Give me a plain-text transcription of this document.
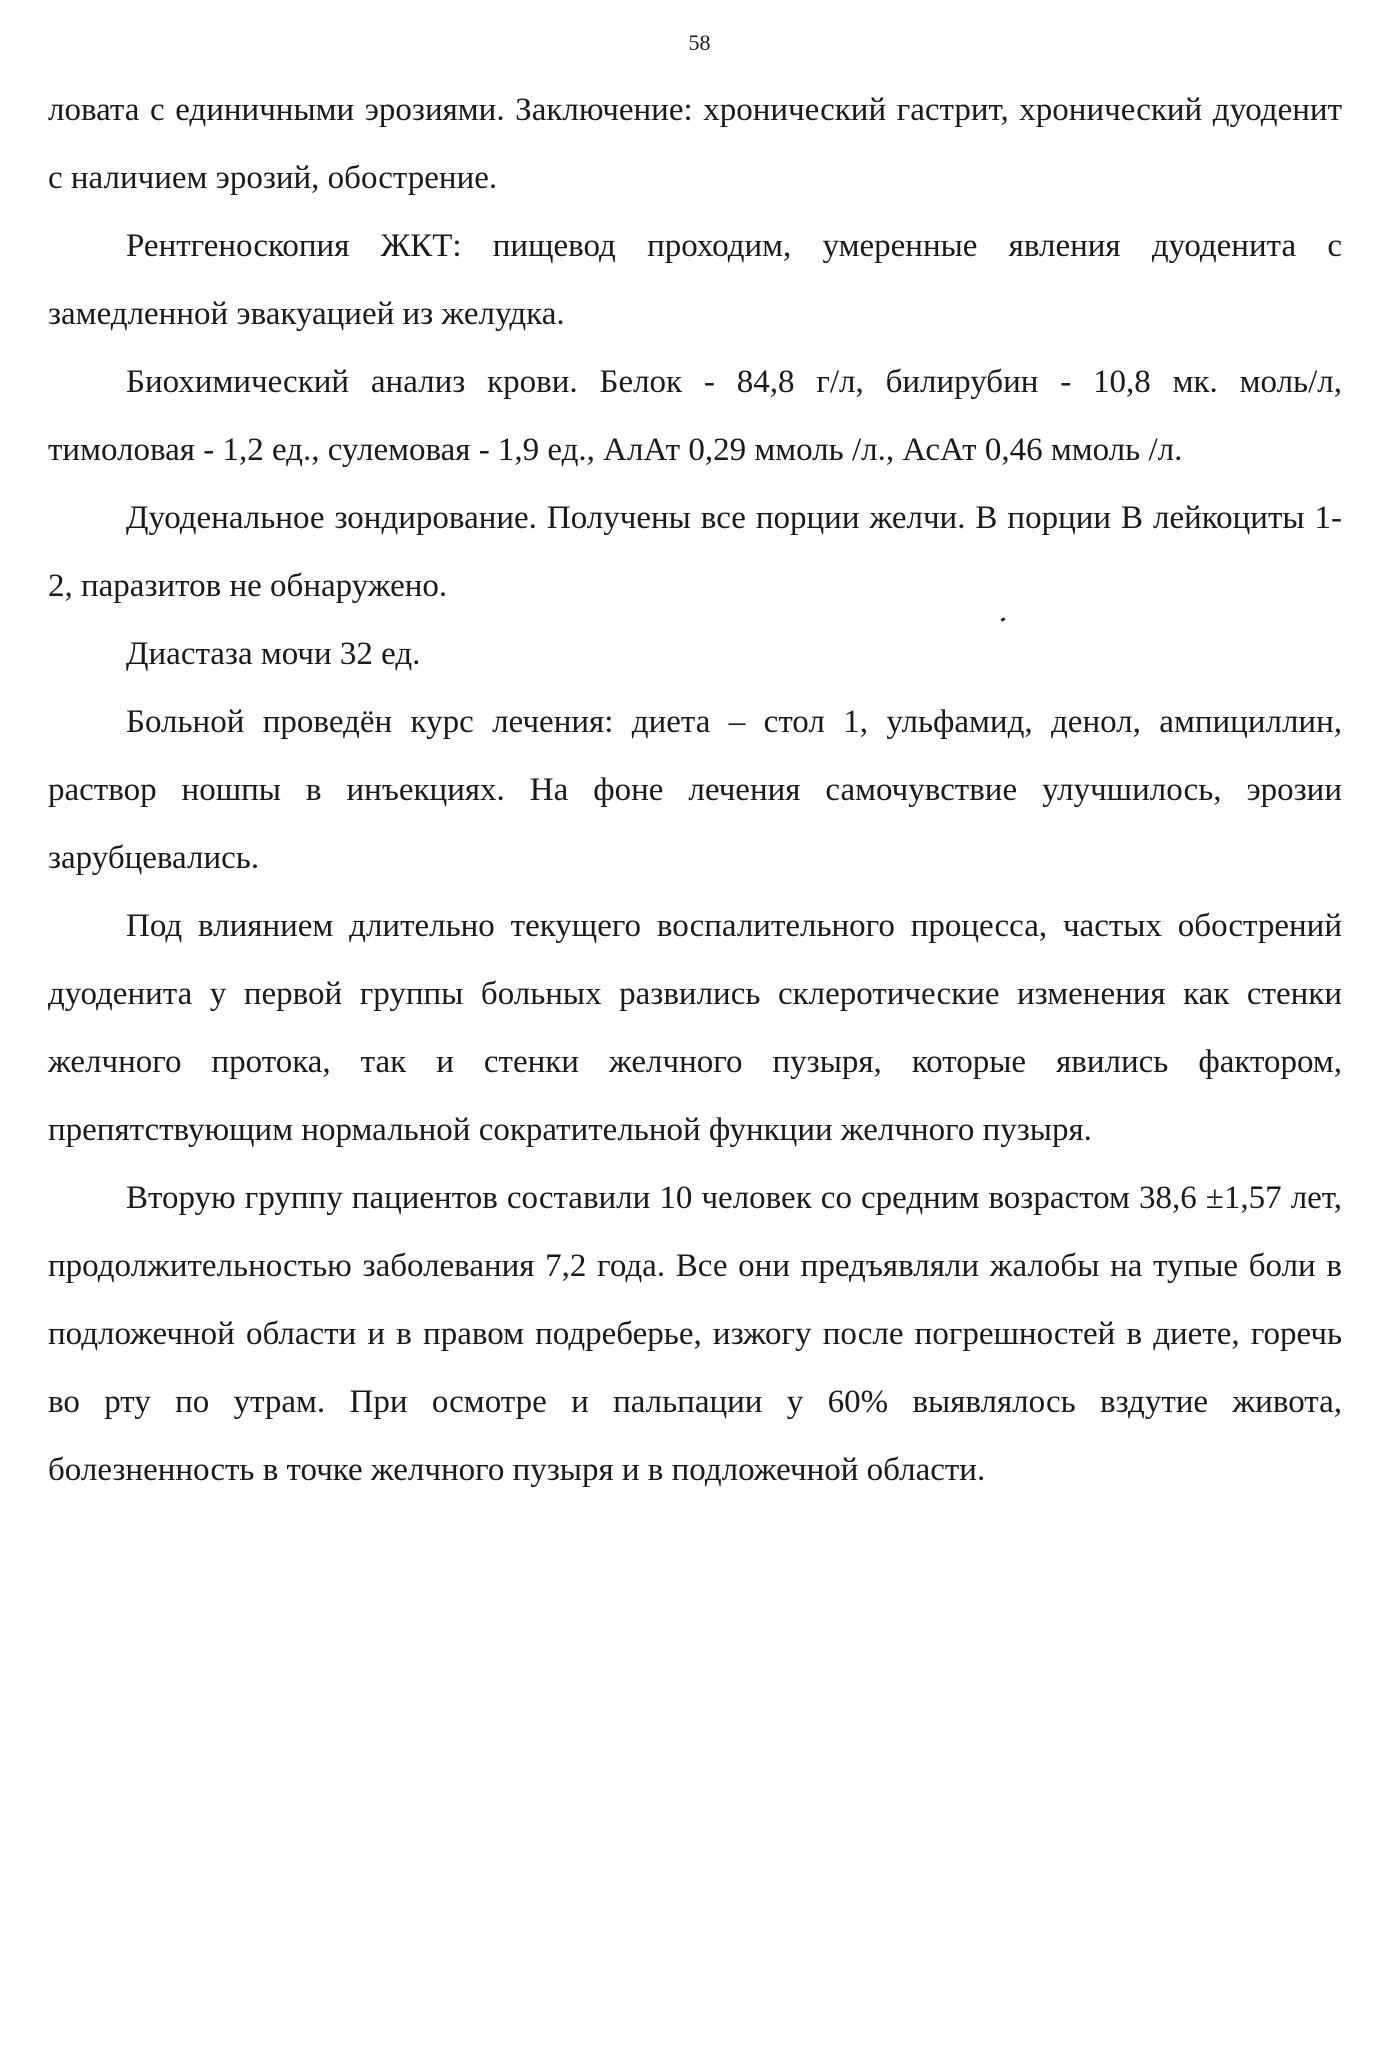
58

ловата с единичными эрозиями. Заключение: хронический гастрит, хронический дуоденит с наличием эрозий, обострение.

Рентгеноскопия ЖКТ: пищевод проходим, умеренные явления дуоденита с замедленной эвакуацией из желудка.

Биохимический анализ крови. Белок - 84,8 г/л, билирубин - 10,8 мк. моль/л, тимоловая - 1,2 ед., сулемовая - 1,9 ед., АлАт 0,29 ммоль /л., АсАт 0,46 ммоль /л.

Дуоденальное зондирование. Получены все порции желчи. В порции В лейкоциты 1-2, паразитов не обнаружено.

Диастаза мочи 32 ед.

Больной проведён курс лечения: диета – стол 1, ульфамид, денол, ампициллин, раствор ношпы в инъекциях. На фоне лечения самочувствие улучшилось, эрозии зарубцевались.

Под влиянием длительно текущего воспалительного процесса, частых обострений дуоденита у первой группы больных развились склеротические изменения как стенки желчного протока, так и стенки желчного пузыря, которые явились фактором, препятствующим нормальной сократительной функции желчного пузыря.

Вторую группу пациентов составили 10 человек со средним возрастом 38,6 ±1,57 лет, продолжительностью заболевания 7,2 года. Все они предъявляли жалобы на тупые боли в подложечной области и в правом подреберье, изжогу после погрешностей в диете, горечь во рту по утрам. При осмотре и пальпации у 60% выявлялось вздутие живота, болезненность в точке желчного пузыря и в подложечной области.
